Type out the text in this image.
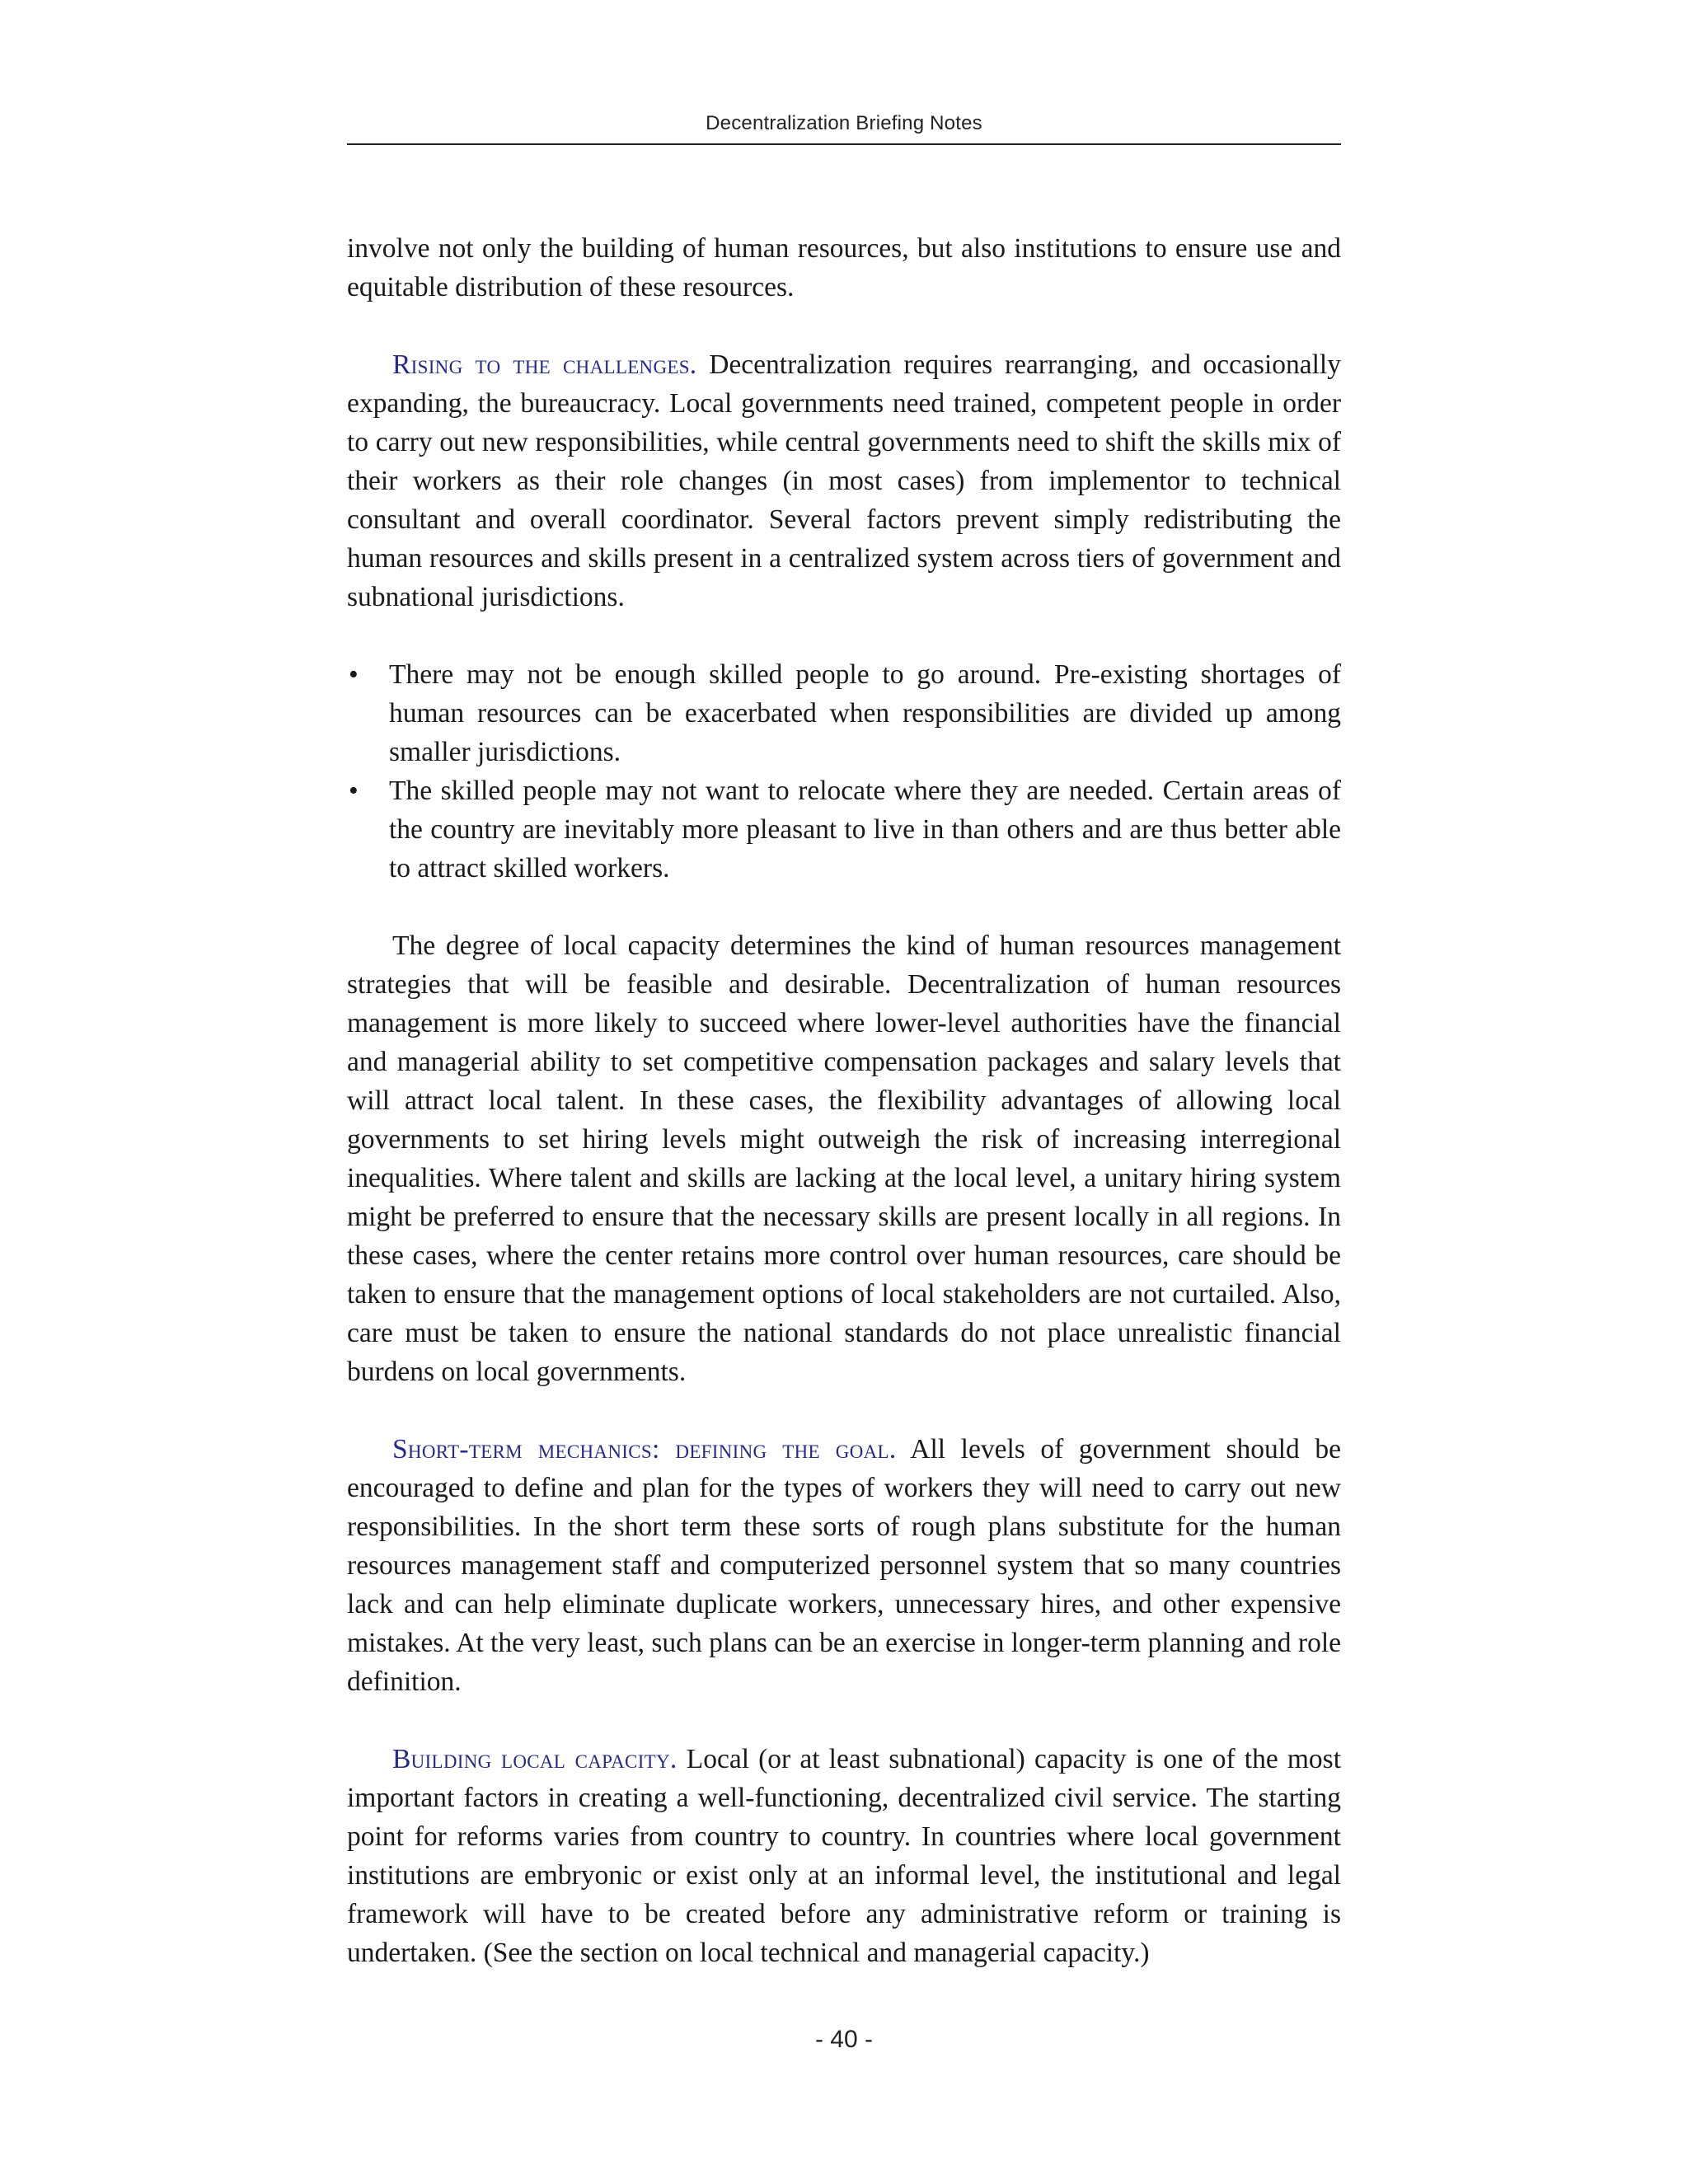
Decentralization Briefing Notes

involve not only the building of human resources, but also institutions to ensure use and equitable distribution of these resources.

Rising to the challenges. Decentralization requires rearranging, and occasionally expanding, the bureaucracy. Local governments need trained, competent people in order to carry out new responsibilities, while central governments need to shift the skills mix of their workers as their role changes (in most cases) from implementor to technical consultant and overall coordinator. Several factors prevent simply redistributing the human resources and skills present in a centralized system across tiers of government and subnational jurisdictions.

• There may not be enough skilled people to go around. Pre-existing shortages of human resources can be exacerbated when responsibilities are divided up among smaller jurisdictions.
• The skilled people may not want to relocate where they are needed. Certain areas of the country are inevitably more pleasant to live in than others and are thus better able to attract skilled workers.

The degree of local capacity determines the kind of human resources management strategies that will be feasible and desirable. Decentralization of human resources management is more likely to succeed where lower-level authorities have the financial and managerial ability to set competitive compensation packages and salary levels that will attract local talent. In these cases, the flexibility advantages of allowing local governments to set hiring levels might outweigh the risk of increasing interregional inequalities. Where talent and skills are lacking at the local level, a unitary hiring system might be preferred to ensure that the necessary skills are present locally in all regions. In these cases, where the center retains more control over human resources, care should be taken to ensure that the management options of local stakeholders are not curtailed. Also, care must be taken to ensure the national standards do not place unrealistic financial burdens on local governments.

Short-term mechanics: defining the goal. All levels of government should be encouraged to define and plan for the types of workers they will need to carry out new responsibilities. In the short term these sorts of rough plans substitute for the human resources management staff and computerized personnel system that so many countries lack and can help eliminate duplicate workers, unnecessary hires, and other expensive mistakes. At the very least, such plans can be an exercise in longer-term planning and role definition.

Building local capacity. Local (or at least subnational) capacity is one of the most important factors in creating a well-functioning, decentralized civil service. The starting point for reforms varies from country to country. In countries where local government institutions are embryonic or exist only at an informal level, the institutional and legal framework will have to be created before any administrative reform or training is undertaken. (See the section on local technical and managerial capacity.)

- 40 -
